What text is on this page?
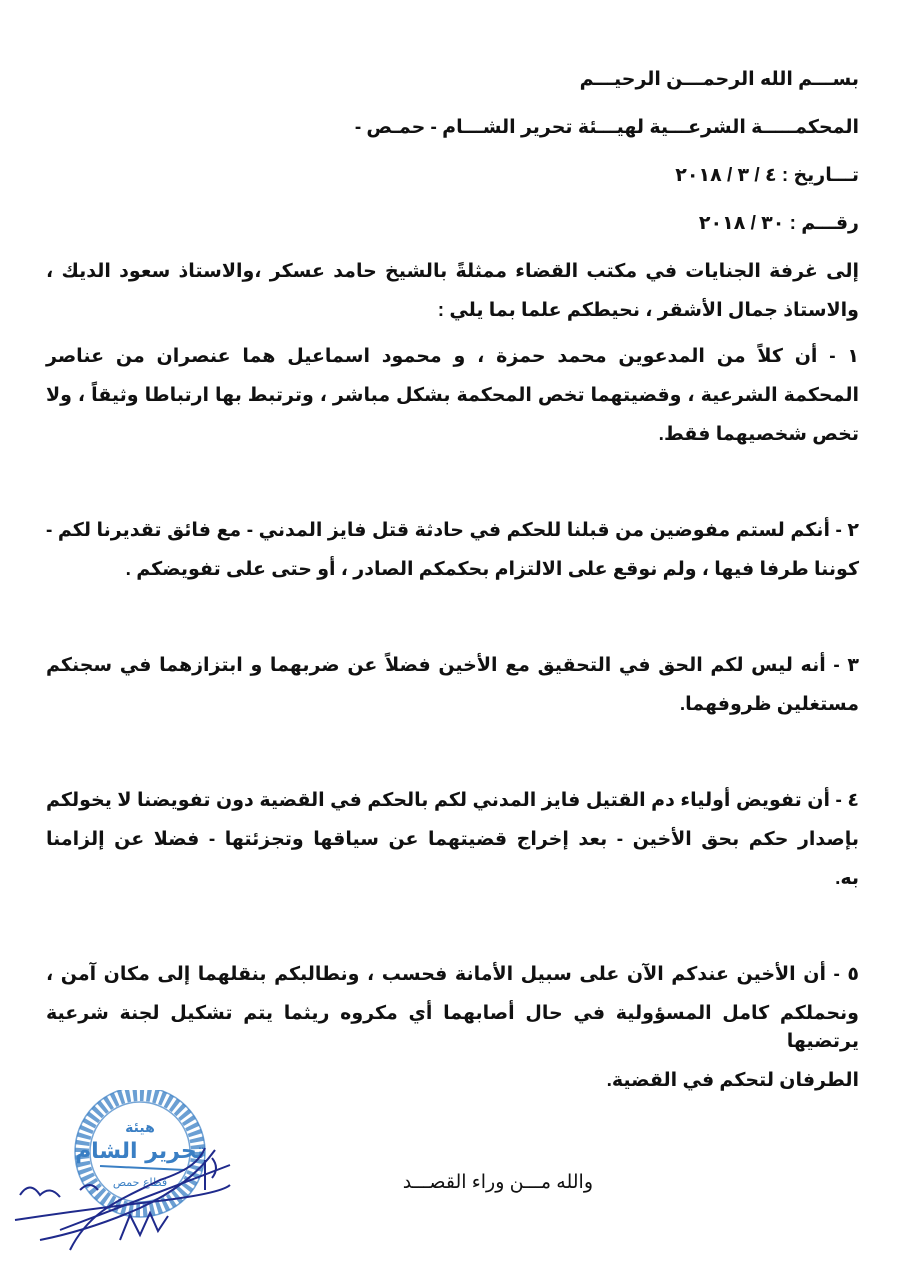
بســـم الله الرحمـــن الرحيـــم
المحكمـــــة الشرعـــية لهيـــئة تحرير الشـــام - حمـص -
تـــاريخ : ٤ / ٣ / ٢٠١٨
رقـــم : ٣٠ / ٢٠١٨
إلى غرفة الجنايات في مكتب القضاء ممثلةً بالشيخ حامد عسكر ،والاستاذ سعود الديك ،
والاستاذ جمال الأشقر ، نحيطكم علما بما يلي :
١ - أن كلاً من المدعوين محمد حمزة ، و محمود اسماعيل هما عنصران من عناصر
المحكمة الشرعية ، وقضيتهما تخص المحكمة بشكل مباشر ، وترتبط بها ارتباطا وثيقاً ، ولا
تخص شخصيهما فقط.
٢ - أنكم لستم مفوضين من قبلنا للحكم في حادثة قتل فايز المدني - مع فائق تقديرنا لكم -
كوننا طرفا فيها ، ولم نوقع على الالتزام بحكمكم الصادر ، أو حتى على تفويضكم .
٣ - أنه ليس لكم الحق في التحقيق مع الأخين فضلاً عن ضربهما و ابتزازهما في سجنكم
مستغلين ظروفهما.
٤ - أن تفويض أولياء دم القتيل فايز المدني لكم بالحكم في القضية دون تفويضنا لا يخولكم
بإصدار حكم بحق الأخين - بعد إخراج قضيتهما عن سياقها وتجزئتها - فضلا عن إلزامنا
به.
٥ - أن الأخين عندكم الآن على سبيل الأمانة فحسب ، ونطالبكم بنقلهما إلى مكان آمن ،
ونحملكم كامل المسؤولية في حال أصابهما أي مكروه ريثما يتم تشكيل لجنة شرعية يرتضيها
الطرفان لتحكم في القضية.
والله مـــن وراء القصـــد
هيئة
تحرير الشام
قطاع حمص
